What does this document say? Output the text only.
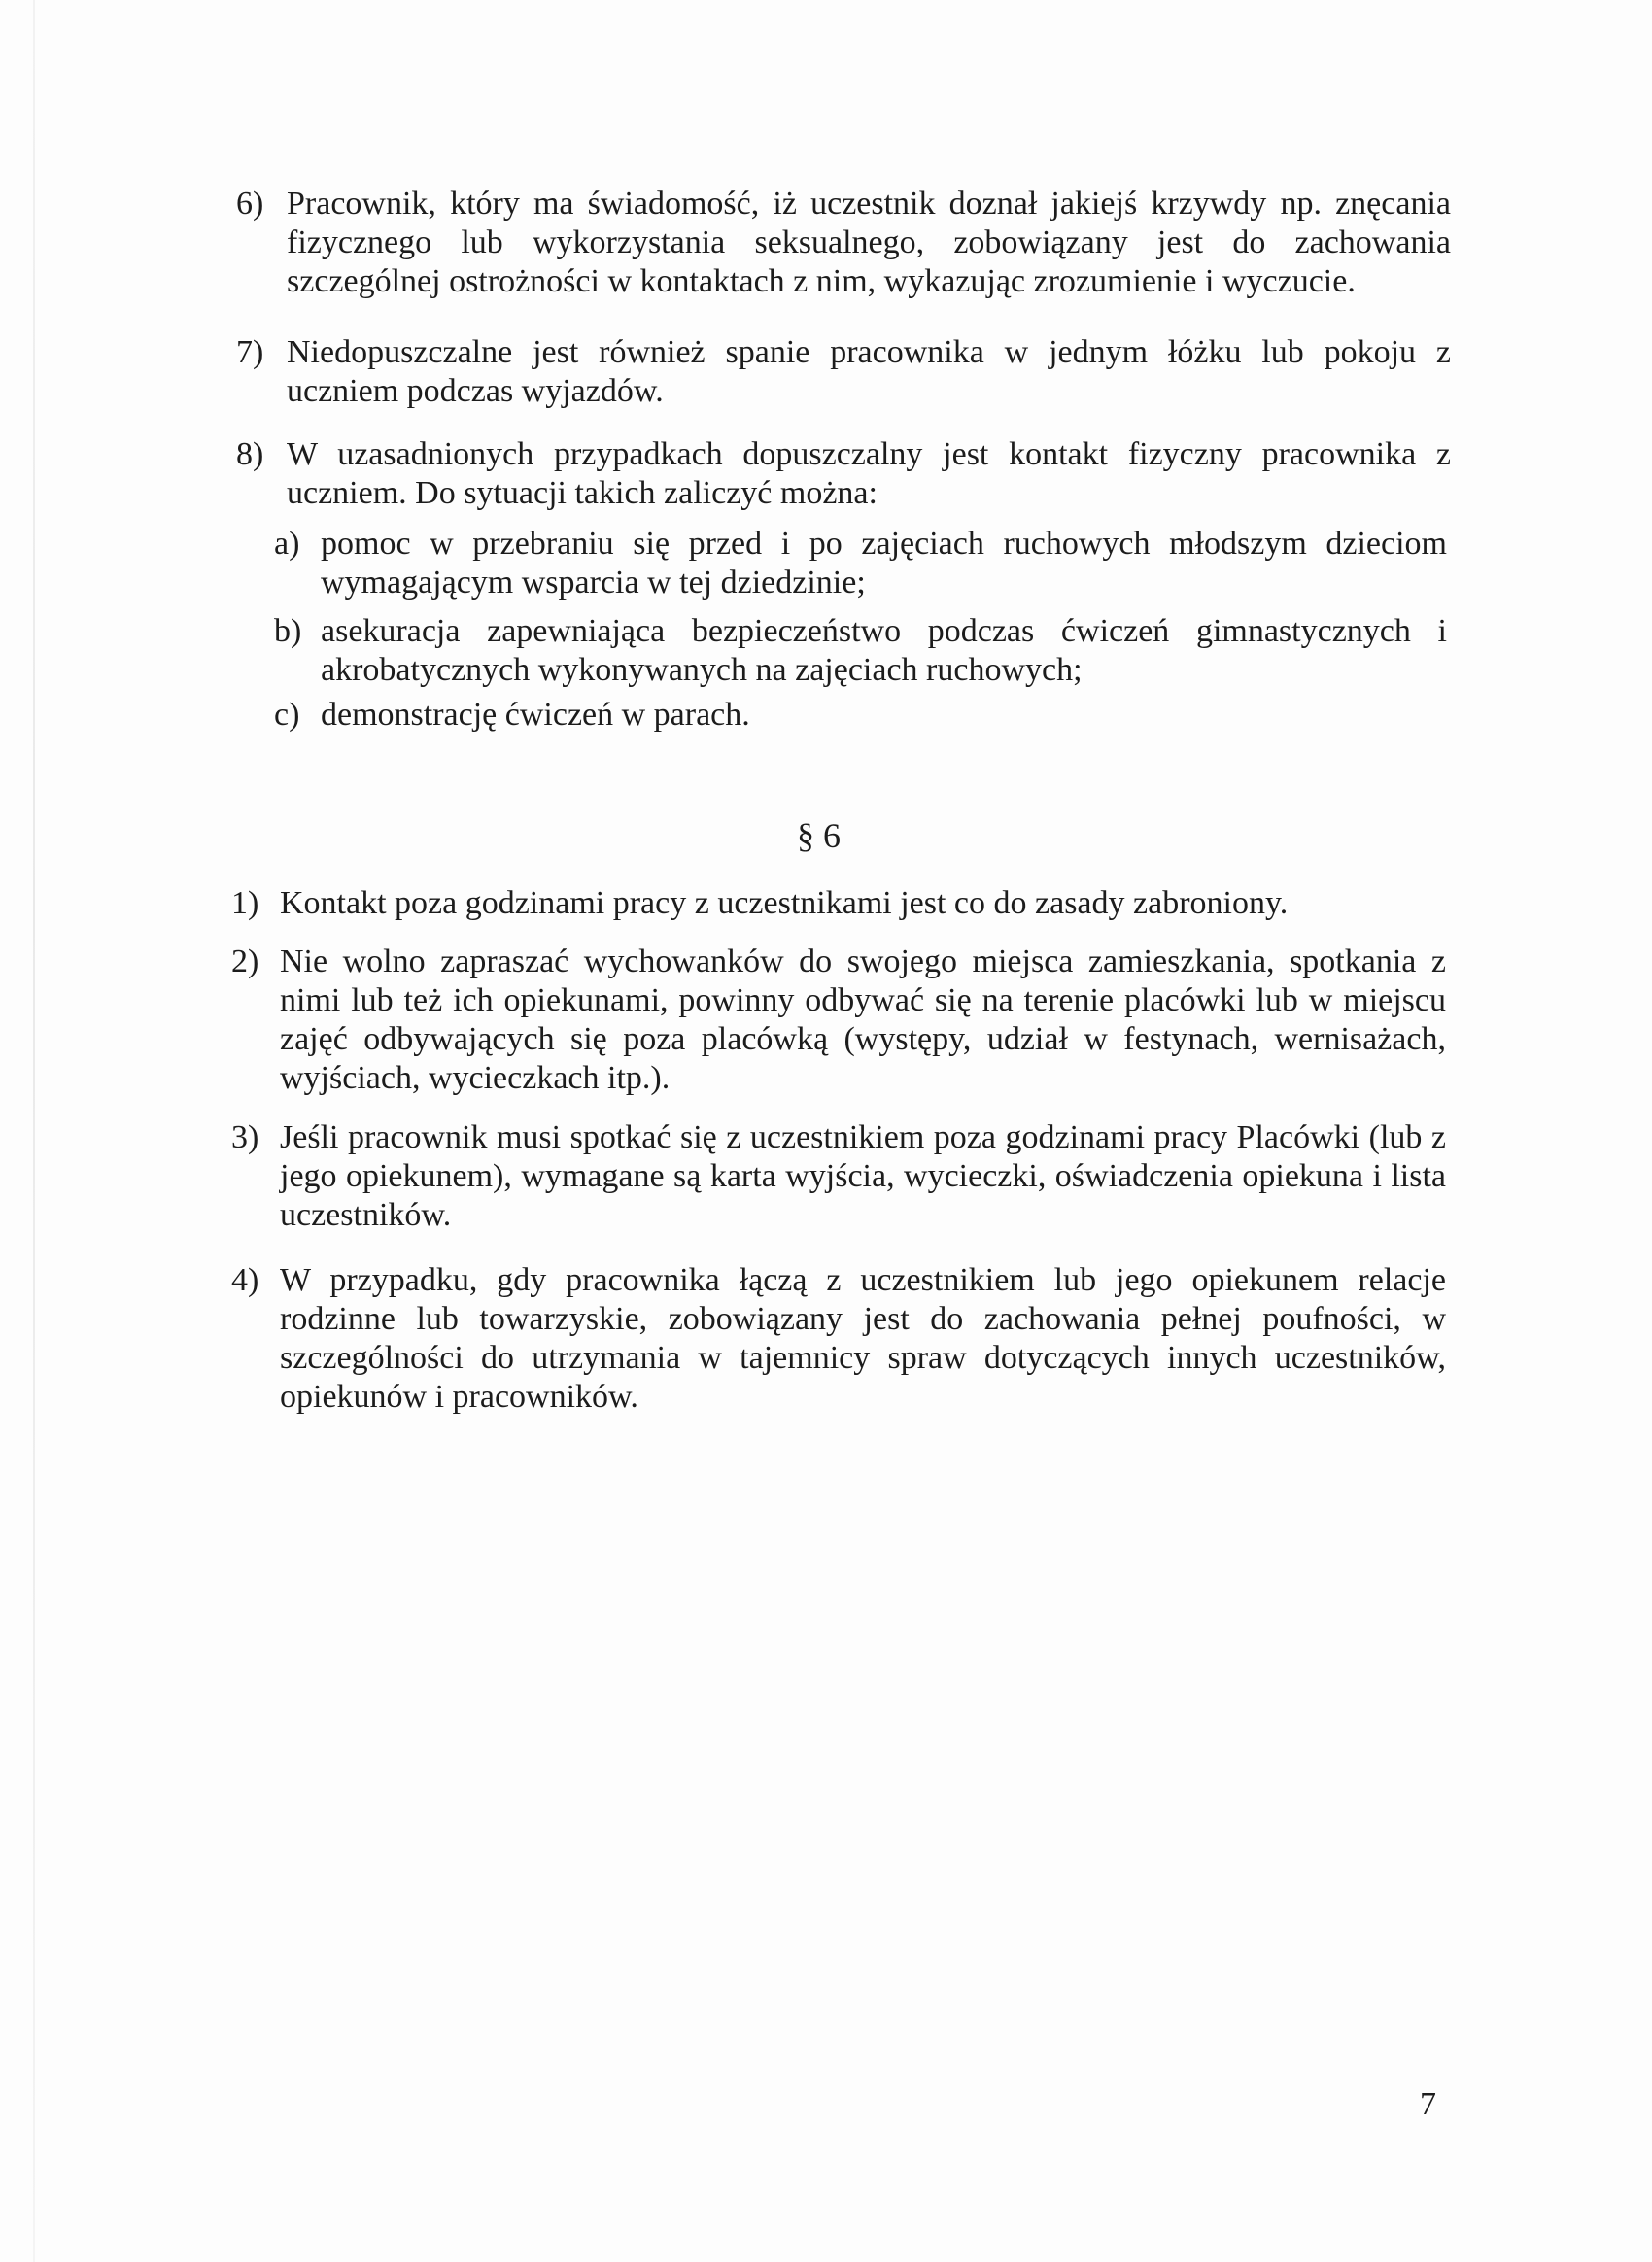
6) Pracownik, który ma świadomość, iż uczestnik doznał jakiejś krzywdy np. znęcania fizycznego lub wykorzystania seksualnego, zobowiązany jest do zachowania szczególnej ostrożności w kontaktach z nim, wykazując zrozumienie i wyczucie.
7) Niedopuszczalne jest również spanie pracownika w jednym łóżku lub pokoju z uczniem podczas wyjazdów.
8) W uzasadnionych przypadkach dopuszczalny jest kontakt fizyczny pracownika z uczniem. Do sytuacji takich zaliczyć można:
a) pomoc w przebraniu się przed i po zajęciach ruchowych młodszym dzieciom wymagającym wsparcia w tej dziedzinie;
b) asekuracja zapewniająca bezpieczeństwo podczas ćwiczeń gimnastycznych i akrobatycznych wykonywanych na zajęciach ruchowych;
c) demonstrację ćwiczeń w parach.
§ 6
1) Kontakt poza godzinami pracy z uczestnikami jest co do zasady zabroniony.
2) Nie wolno zapraszać wychowanków do swojego miejsca zamieszkania, spotkania z nimi lub też ich opiekunami, powinny odbywać się na terenie placówki lub w miejscu zajęć odbywających się poza placówką (występy, udział w festynach, wernisażach, wyjściach, wycieczkach itp.).
3) Jeśli pracownik musi spotkać się z uczestnikiem poza godzinami pracy Placówki (lub z jego opiekunem), wymagane są karta wyjścia, wycieczki, oświadczenia opiekuna i lista uczestników.
4) W przypadku, gdy pracownika łączą z uczestnikiem lub jego opiekunem relacje rodzinne lub towarzyskie, zobowiązany jest do zachowania pełnej poufności, w szczególności do utrzymania w tajemnicy spraw dotyczących innych uczestników, opiekunów i pracowników.
7
